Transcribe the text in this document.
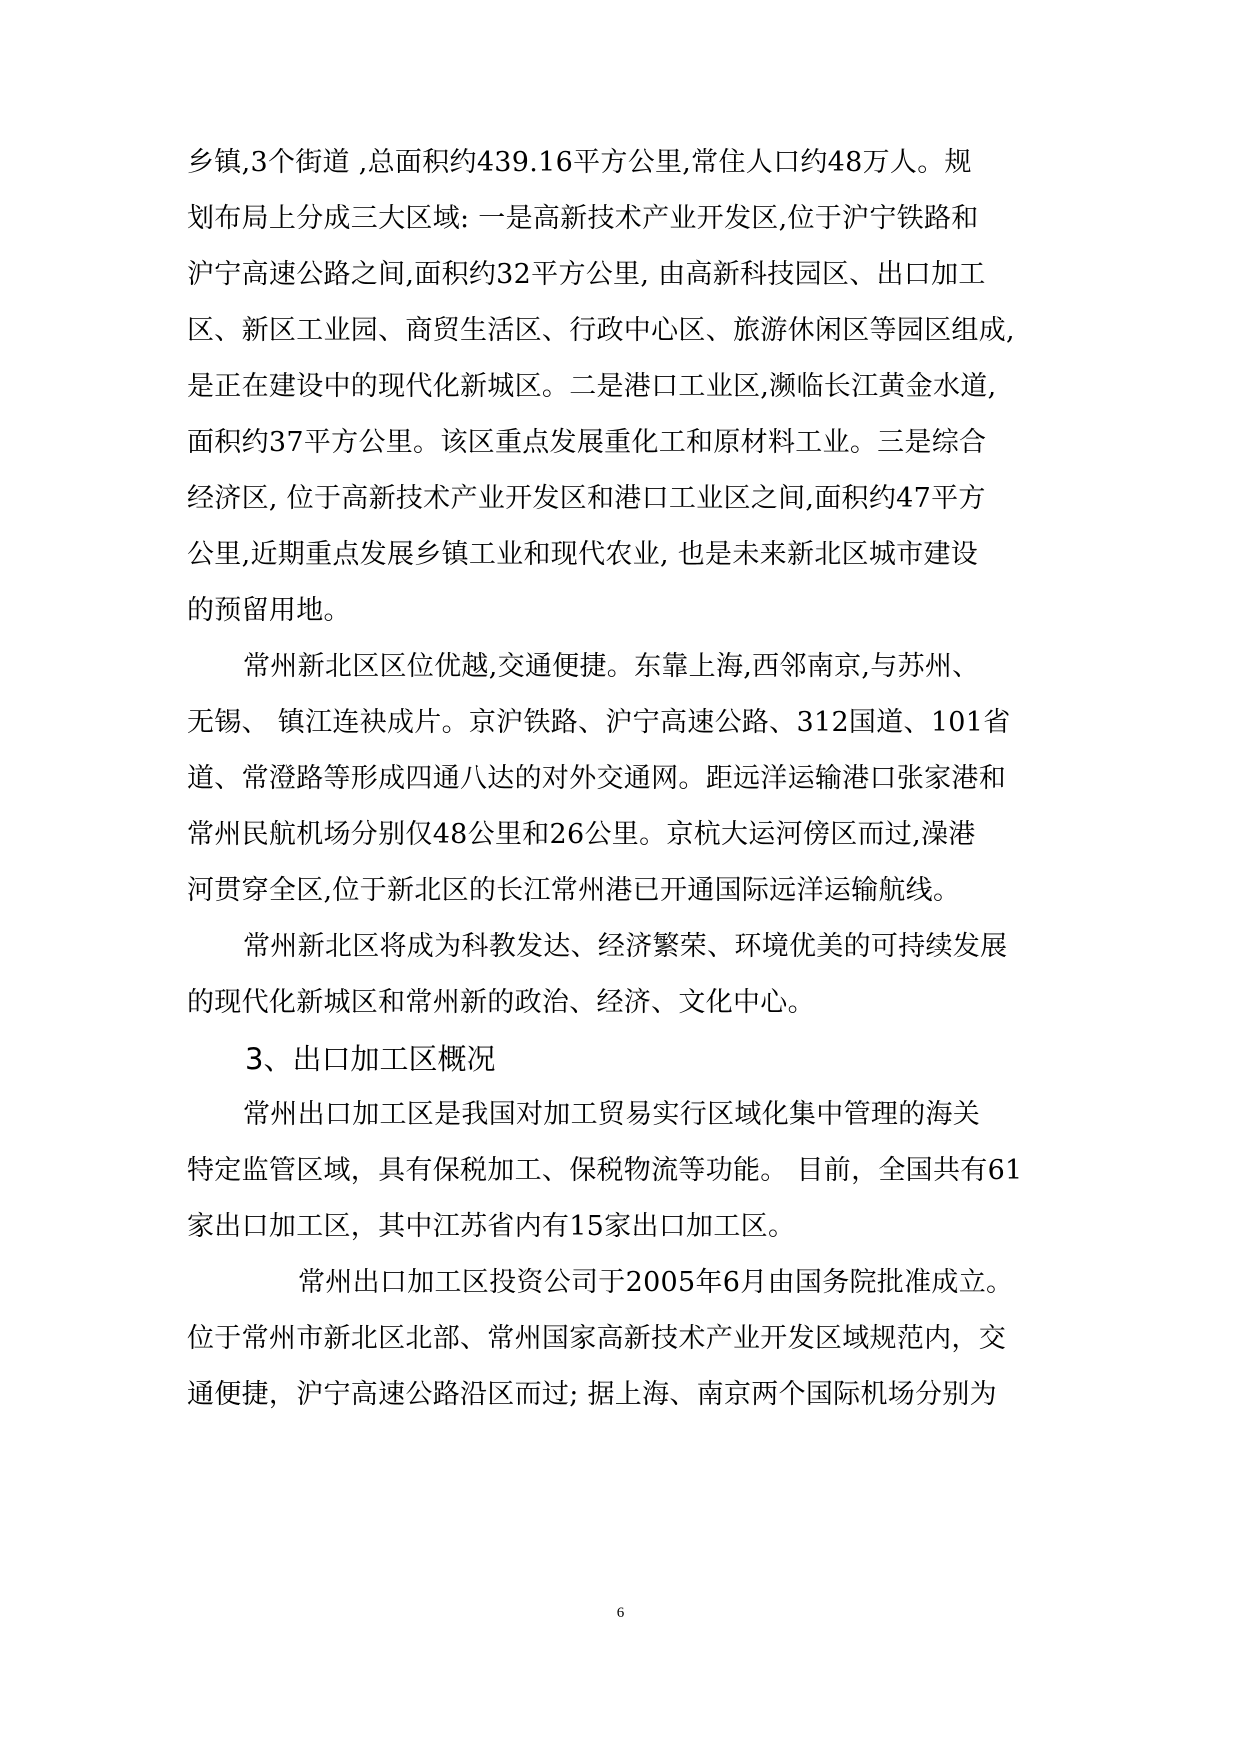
乡镇,3个街道 ,总面积约439.16平方公里,常住人口约48万人。规
划布局上分成三大区域: 一是高新技术产业开发区,位于沪宁铁路和
沪宁高速公路之间,面积约32平方公里, 由高新科技园区、出口加工
区、新区工业园、商贸生活区、行政中心区、旅游休闲区等园区组成,
是正在建设中的现代化新城区。二是港口工业区,濒临长江黄金水道,
面积约37平方公里。该区重点发展重化工和原材料工业。三是综合
经济区, 位于高新技术产业开发区和港口工业区之间,面积约47平方
公里,近期重点发展乡镇工业和现代农业, 也是未来新北区城市建设
的预留用地。
常州新北区区位优越,交通便捷。东靠上海,西邻南京,与苏州、
无锡、 镇江连袂成片。京沪铁路、沪宁高速公路、312国道、101省
道、常澄路等形成四通八达的对外交通网。距远洋运输港口张家港和
常州民航机场分别仅48公里和26公里。京杭大运河傍区而过,澡港
河贯穿全区,位于新北区的长江常州港已开通国际远洋运输航线。
常州新北区将成为科教发达、经济繁荣、环境优美的可持续发展
的现代化新城区和常州新的政治、经济、文化中心。
3、出口加工区概况
常州出口加工区是我国对加工贸易实行区域化集中管理的海关
特定监管区域，具有保税加工、保税物流等功能。 目前，全国共有61
家出口加工区，其中江苏省内有15家出口加工区。
常州出口加工区投资公司于2005年6月由国务院批准成立。
位于常州市新北区北部、常州国家高新技术产业开发区域规范内，交
通便捷，沪宁高速公路沿区而过; 据上海、南京两个国际机场分别为
6
